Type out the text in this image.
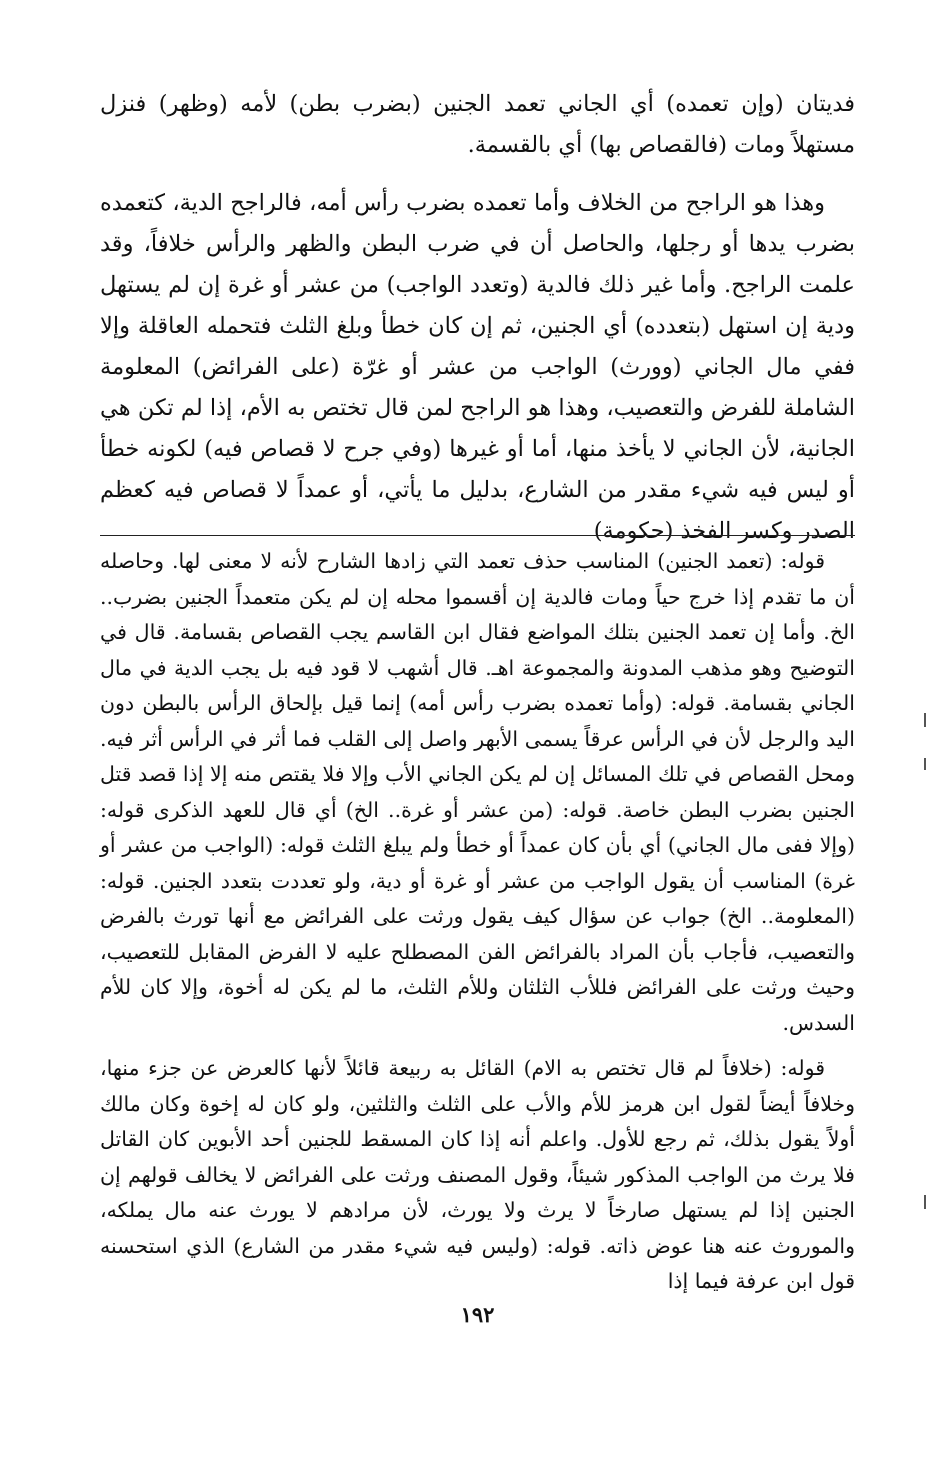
فديتان (وإن تعمده) أي الجاني تعمد الجنين (بضرب بطن) لأمه (وظهر) فنزل مستهلاً ومات (فالقصاص بها) أي بالقسمة.

وهذا هو الراجح من الخلاف وأما تعمده بضرب رأس أمه، فالراجح الدية، كتعمده بضرب يدها أو رجلها، والحاصل أن في ضرب البطن والظهر والرأس خلافاً، وقد علمت الراجح. وأما غير ذلك فالدية (وتعدد الواجب) من عشر أو غرة إن لم يستهل ودية إن استهل (بتعدده) أي الجنين، ثم إن كان خطأ وبلغ الثلث فتحمله العاقلة وإلا ففي مال الجاني (وورث) الواجب من عشر أو غرّة (على الفرائض) المعلومة الشاملة للفرض والتعصيب، وهذا هو الراجح لمن قال تختص به الأم، إذا لم تكن هي الجانية، لأن الجاني لا يأخذ منها، أما أو غيرها (وفي جرح لا قصاص فيه) لكونه خطأ أو ليس فيه شيء مقدر من الشارع، بدليل ما يأتي، أو عمداً لا قصاص فيه كعظم الصدر وكسر الفخذ (حكومة)

قوله: (تعمد الجنين) المناسب حذف تعمد التي زادها الشارح لأنه لا معنى لها. وحاصله أن ما تقدم إذا خرج حياً ومات فالدية إن أقسموا محله إن لم يكن متعمداً الجنين بضرب.. الخ. وأما إن تعمد الجنين بتلك المواضع فقال ابن القاسم يجب القصاص بقسامة. قال في التوضيح وهو مذهب المدونة والمجموعة اهـ. قال أشهب لا قود فيه بل يجب الدية في مال الجاني بقسامة. قوله: (وأما تعمده بضرب رأس أمه) إنما قيل بإلحاق الرأس بالبطن دون اليد والرجل لأن في الرأس عرقاً يسمى الأبهر واصل إلى القلب فما أثر في الرأس أثر فيه. ومحل القصاص في تلك المسائل إن لم يكن الجاني الأب وإلا فلا يقتص منه إلا إذا قصد قتل الجنين بضرب البطن خاصة. قوله: (من عشر أو غرة.. الخ) أي قال للعهد الذكرى قوله: (وإلا ففى مال الجاني) أي بأن كان عمداً أو خطأ ولم يبلغ الثلث قوله: (الواجب من عشر أو غرة) المناسب أن يقول الواجب من عشر أو غرة أو دية، ولو تعددت بتعدد الجنين. قوله: (المعلومة.. الخ) جواب عن سؤال كيف يقول ورثت على الفرائض مع أنها تورث بالفرض والتعصيب، فأجاب بأن المراد بالفرائض الفن المصطلح عليه لا الفرض المقابل للتعصيب، وحيث ورثت على الفرائض فللأب الثلثان وللأم الثلث، ما لم يكن له أخوة، وإلا كان للأم السدس.

قوله: (خلافاً لم قال تختص به الام) القائل به ربيعة قائلاً لأنها كالعرض عن جزء منها، وخلافاً أيضاً لقول ابن هرمز للأم والأب على الثلث والثلثين، ولو كان له إخوة وكان مالك أولاً يقول بذلك، ثم رجع للأول. واعلم أنه إذا كان المسقط للجنين أحد الأبوين كان القاتل فلا يرث من الواجب المذكور شيئاً، وقول المصنف ورثت على الفرائض لا يخالف قولهم إن الجنين إذا لم يستهل صارخاً لا يرث ولا يورث، لأن مرادهم لا يورث عنه مال يملكه، والموروث عنه هنا عوض ذاته. قوله: (وليس فيه شيء مقدر من الشارع) الذي استحسنه قول ابن عرفة فيما إذا

١٩٢
